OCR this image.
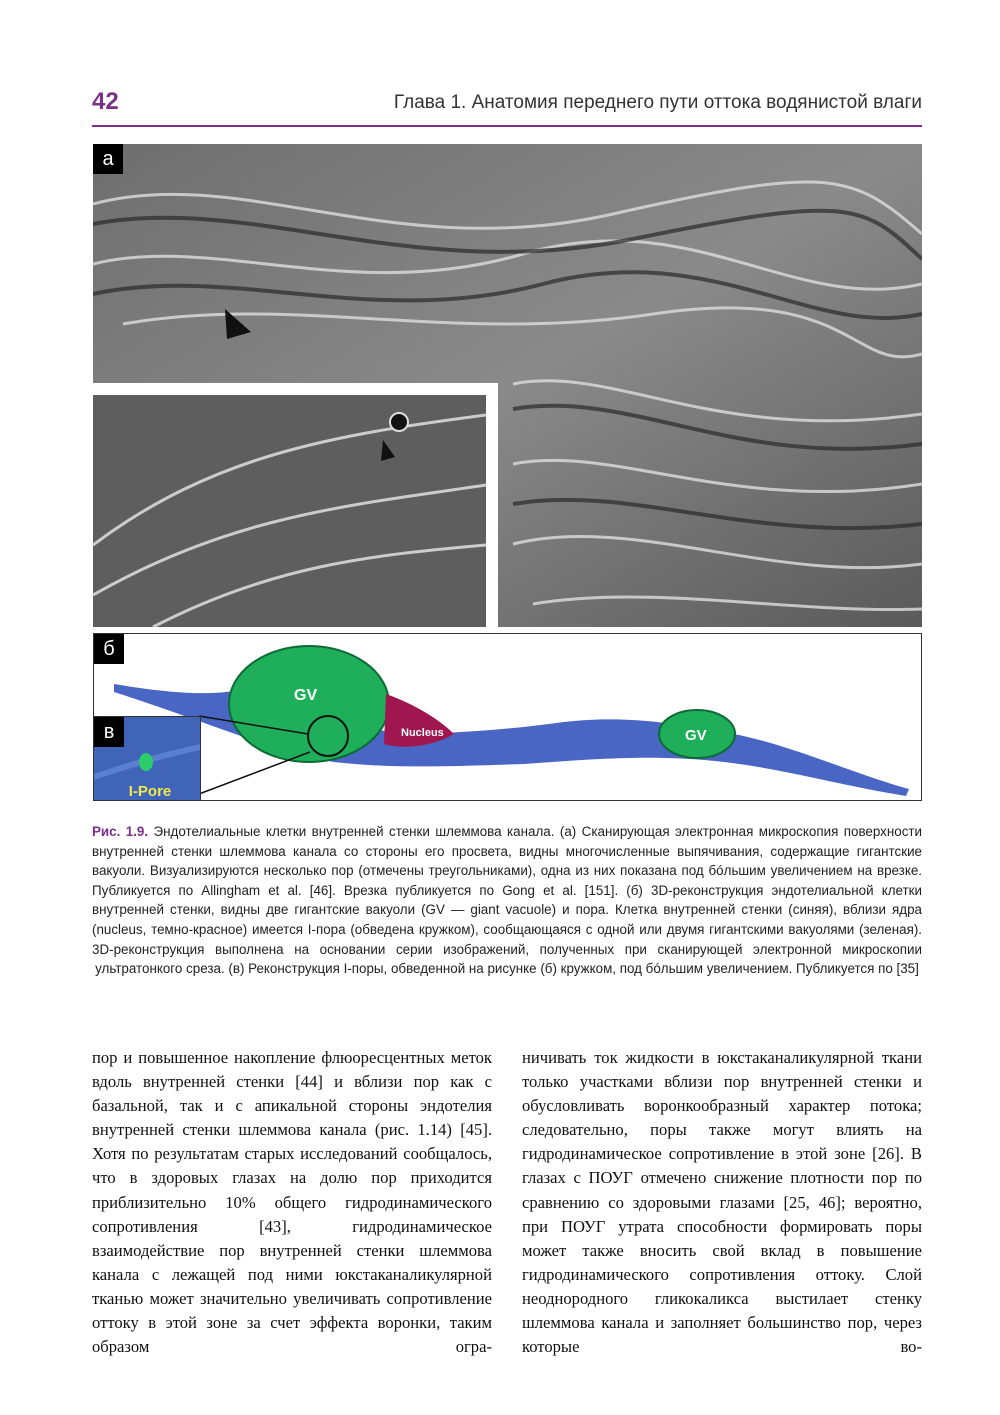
42	Глава 1. Анатомия переднего пути оттока водянистой влаги
а
GV
Nucleus	GV
б
I-Pore
в
Рис. 1.9. Эндотелиальные клетки внутренней стенки шлеммова канала. (а) Сканирующая электронная микроскопия поверхности внутренней стенки шлеммова канала со стороны его просвета, видны многочисленные выпячивания, содержащие гигантские вакуоли. Визуализируются несколько пор (отмечены треугольниками), одна из них показана под бóльшим увеличением на врезке. Публикуется по Allingham et al. [46]. Врезка публикуется по Gong et al. [151]. (б) 3D-реконструкция эндотелиальной клетки внутренней стенки, видны две гигантские вакуоли (GV — giant vacuole) и пора. Клетка внутренней стенки (синяя), вблизи ядра (nucleus, темно-красное) имеется I-пора (обведена кружком), сообщающаяся с одной или двумя гигантскими вакуолями (зеленая). 3D-реконструкция выполнена на основании серии изображений, полученных при сканирующей электронной микроскопии ультратонкого среза. (в) Реконструкция I-поры, обведенной на рисунке (б) кружком, под бóльшим увеличением. Публикуется по [35]
пор и повышенное накопление флюоресцентных меток вдоль внутренней стенки [44] и вблизи пор как с базальной, так и с апикальной стороны эндотелия внутренней стенки шлеммова канала (рис. 1.14) [45]. Хотя по результатам старых исследований сообщалось, что в здоровых глазах на долю пор приходится приблизительно 10% общего гидродинамического сопротивления [43], гидродинамическое взаимодействие пор внутренней стенки шлеммова канала с лежащей под ними юкстаканаликулярной тканью может значительно увеличивать сопротивление оттоку в этой зоне за счет эффекта воронки, таким образом огра-
ничивать ток жидкости в юкстаканаликулярной ткани только участками вблизи пор внутренней стенки и обусловливать воронкообразный характер потока; следовательно, поры также могут влиять на гидродинамическое сопротивление в этой зоне [26]. В глазах с ПОУГ отмечено снижение плотности пор по сравнению со здоровыми глазами [25, 46]; вероятно, при ПОУГ утрата способности формировать поры может также вносить свой вклад в повышение гидродинамического сопротивления оттоку. Слой неоднородного гликокаликса выстилает стенку шлеммова канала и заполняет большинство пор, через которые во-
